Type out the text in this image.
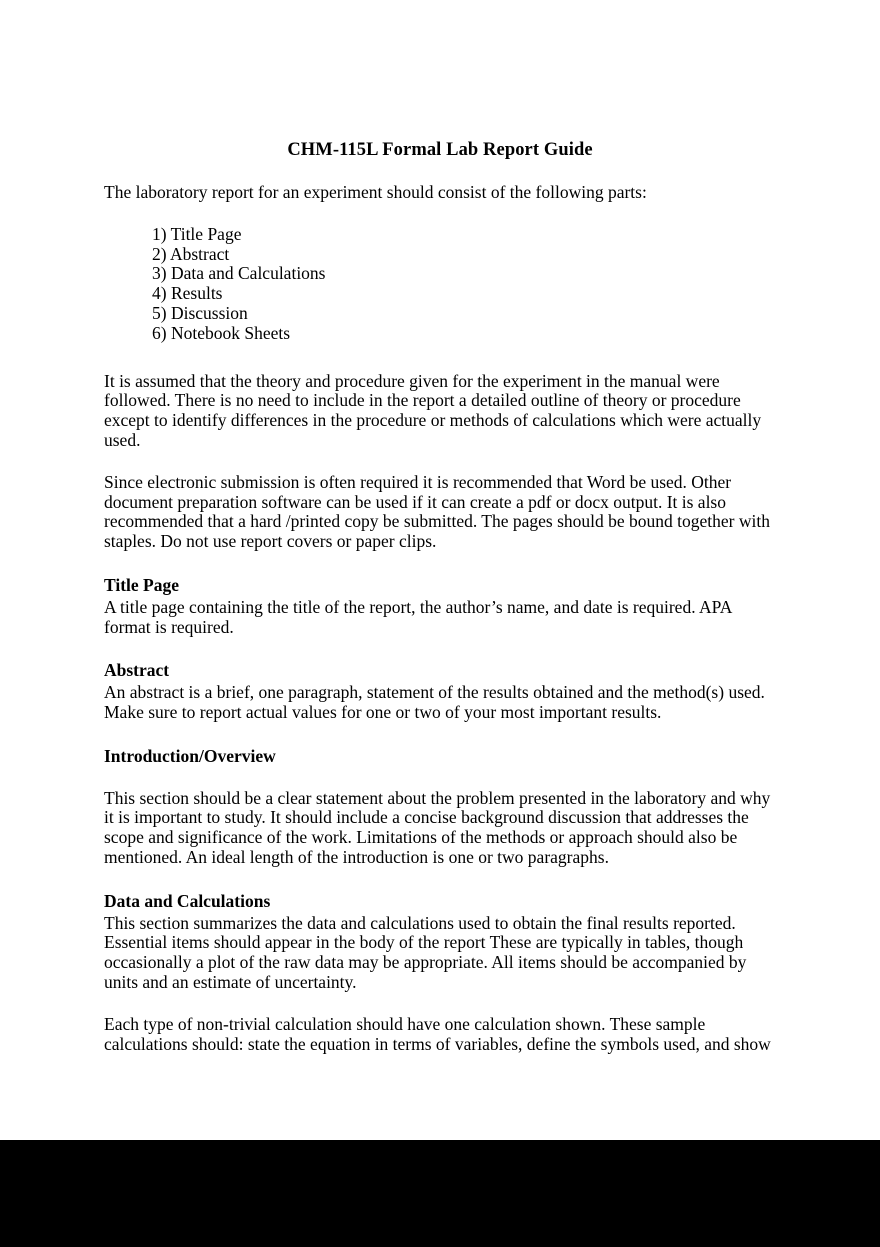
CHM-115L Formal Lab Report Guide

The laboratory report for an experiment should consist of the following parts:

1) Title Page
2) Abstract
3) Data and Calculations
4) Results
5) Discussion
6) Notebook Sheets

It is assumed that the theory and procedure given for the experiment in the manual were followed. There is no need to include in the report a detailed outline of theory or procedure except to identify differences in the procedure or methods of calculations which were actually used.

Since electronic submission is often required it is recommended that Word be used. Other document preparation software can be used if it can create a pdf or docx output. It is also recommended that a hard /printed copy be submitted. The pages should be bound together with staples. Do not use report covers or paper clips.

Title Page

A title page containing the title of the report, the author’s name, and date is required. APA format is required.

Abstract

An abstract is a brief, one paragraph, statement of the results obtained and the method(s) used. Make sure to report actual values for one or two of your most important results.

Introduction/Overview

This section should be a clear statement about the problem presented in the laboratory and why it is important to study. It should include a concise background discussion that addresses the scope and significance of the work. Limitations of the methods or approach should also be mentioned. An ideal length of the introduction is one or two paragraphs.

Data and Calculations

This section summarizes the data and calculations used to obtain the final results reported. Essential items should appear in the body of the report These are typically in tables, though occasionally a plot of the raw data may be appropriate. All items should be accompanied by units and an estimate of uncertainty.

Each type of non-trivial calculation should have one calculation shown. These sample calculations should: state the equation in terms of variables, define the symbols used, and show
